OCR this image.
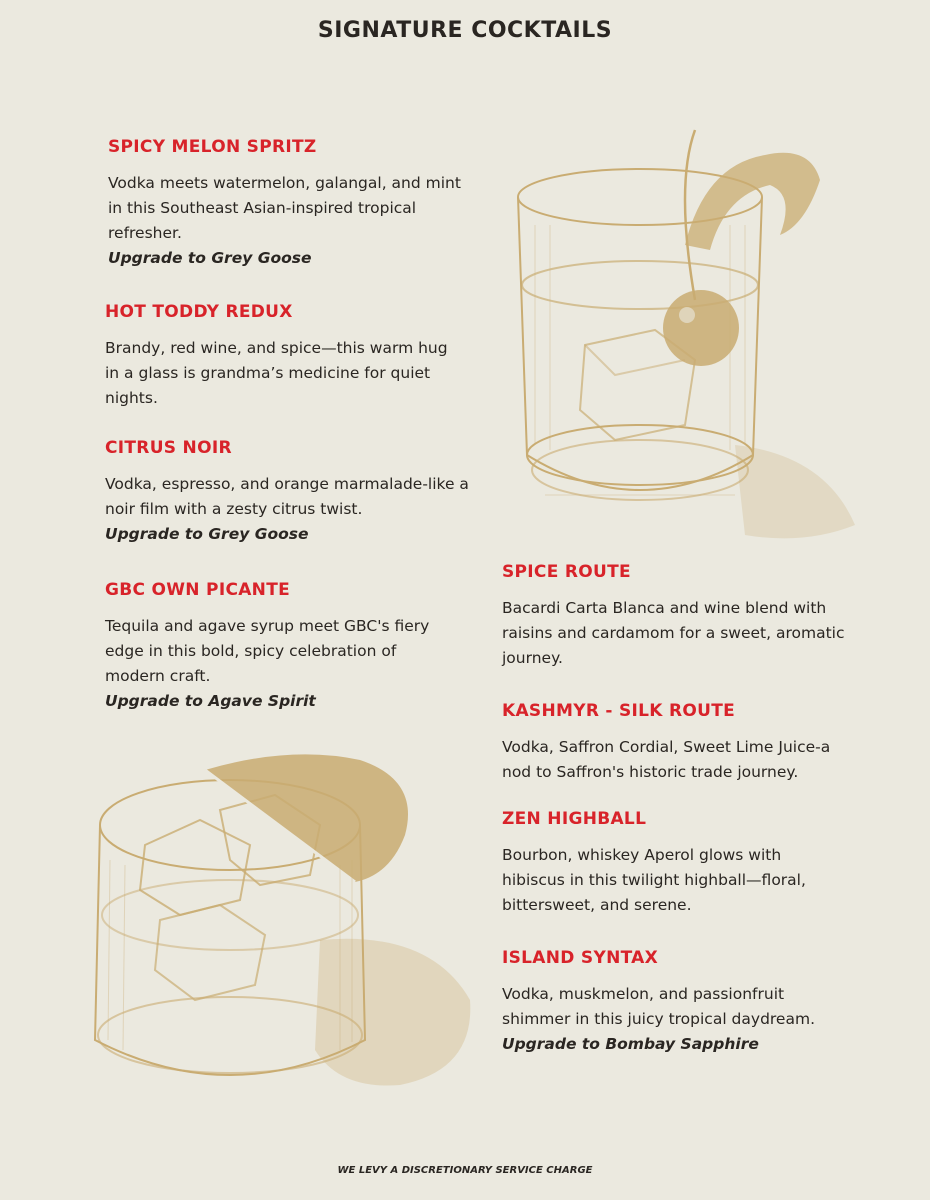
SIGNATURE COCKTAILS
SPICY MELON SPRITZ

Vodka meets watermelon, galangal, and mint in this Southeast Asian-inspired tropical refresher.

Upgrade to Grey Goose

HOT TODDY REDUX

Brandy, red wine, and spice—this warm hug in a glass is grandma’s medicine for quiet nights.

CITRUS NOIR

Vodka, espresso, and orange marmalade-like a noir film with a zesty citrus twist.

Upgrade to Grey Goose

GBC OWN PICANTE

Tequila and agave syrup meet GBC's fiery edge in this bold, spicy celebration of modern craft.

Upgrade to Agave Spirit

SPICE ROUTE

Bacardi Carta Blanca and wine blend with raisins and cardamom for a sweet, aromatic journey.

KASHMYR - SILK ROUTE

Vodka, Saffron Cordial, Sweet Lime Juice-a nod to Saffron's historic trade journey.

ZEN HIGHBALL

Bourbon, whiskey Aperol glows with hibiscus in this twilight highball—floral, bittersweet, and serene.

ISLAND SYNTAX

Vodka, muskmelon, and passionfruit shimmer in this juicy tropical daydream.

Upgrade to Bombay Sapphire

WE LEVY A DISCRETIONARY SERVICE CHARGE
